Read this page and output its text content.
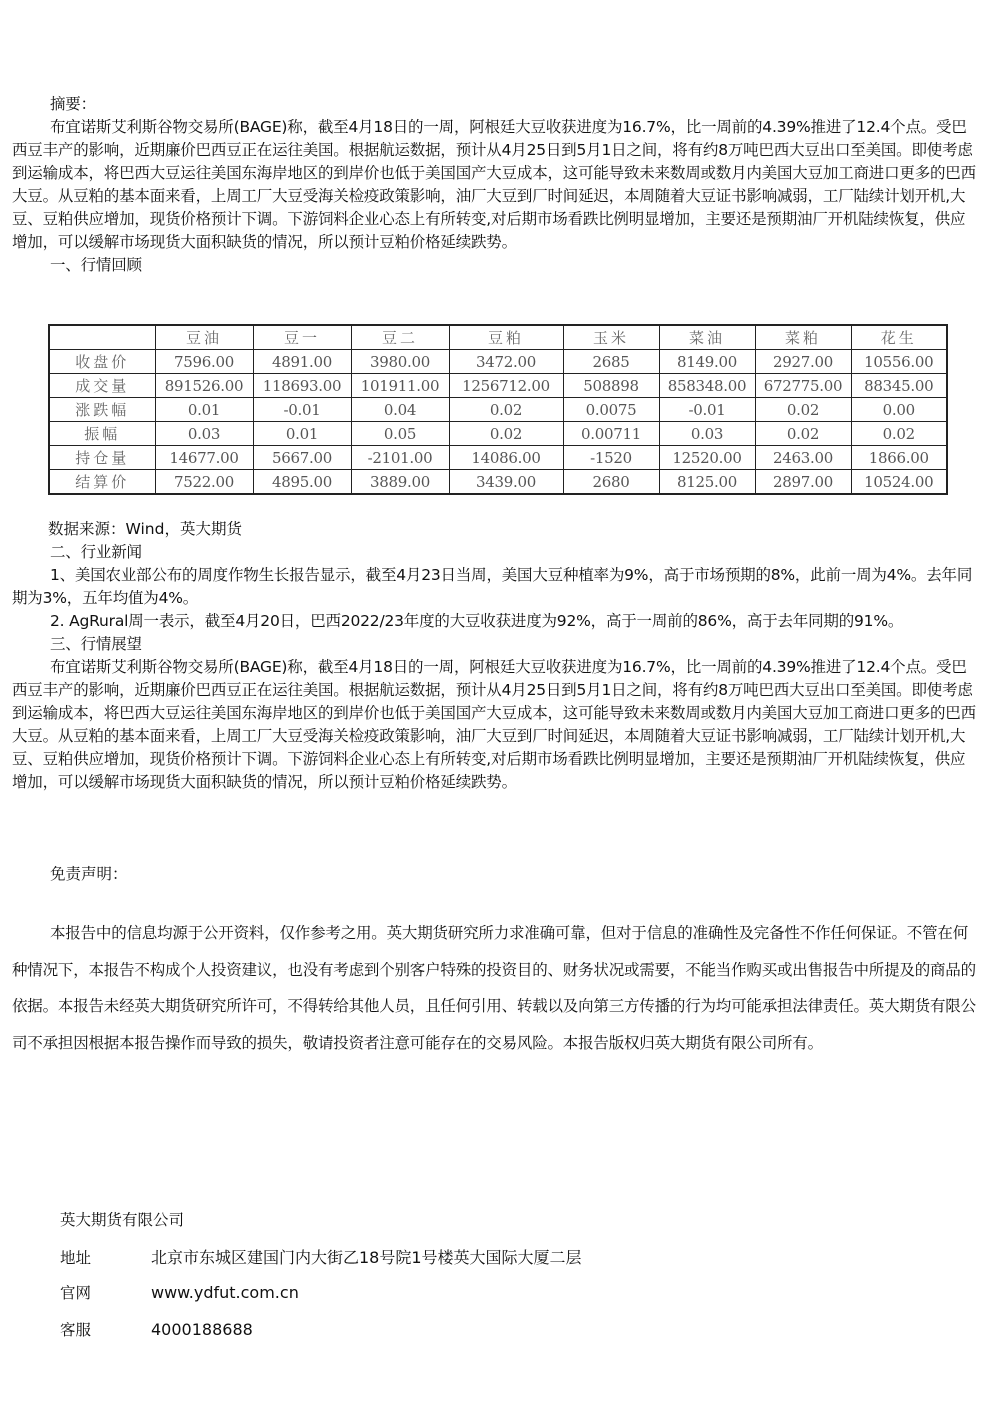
摘要：

布宜诺斯艾利斯谷物交易所(BAGE)称，截至4月18日的一周，阿根廷大豆收获进度为16.7%，比一周前的4.39%推进了12.4个点。受巴西豆丰产的影响，近期廉价巴西豆正在运往美国。根据航运数据，预计从4月25日到5月1日之间，将有约8万吨巴西大豆出口至美国。即使考虑到运输成本，将巴西大豆运往美国东海岸地区的到岸价也低于美国国产大豆成本，这可能导致未来数周或数月内美国大豆加工商进口更多的巴西大豆。从豆粕的基本面来看，上周工厂大豆受海关检疫政策影响，油厂大豆到厂时间延迟，本周随着大豆证书影响减弱，工厂陆续计划开机,大豆、豆粕供应增加，现货价格预计下调。下游饲料企业心态上有所转变,对后期市场看跌比例明显增加，主要还是预期油厂开机陆续恢复，供应增加，可以缓解市场现货大面积缺货的情况，所以预计豆粕价格延续跌势。

一、行情回顾

	豆油	豆一	豆二	豆粕	玉米	菜油	菜粕	花生
收盘价	7596.00	4891.00	3980.00	3472.00	2685	8149.00	2927.00	10556.00
成交量	891526.00	118693.00	101911.00	1256712.00	508898	858348.00	672775.00	88345.00
涨跌幅	0.01	-0.01	0.04	0.02	0.0075	-0.01	0.02	0.00
振幅	0.03	0.01	0.05	0.02	0.00711	0.03	0.02	0.02
持仓量	14677.00	5667.00	-2101.00	14086.00	-1520	12520.00	2463.00	1866.00
结算价	7522.00	4895.00	3889.00	3439.00	2680	8125.00	2897.00	10524.00
数据来源：Wind，英大期货

二、行业新闻

1、美国农业部公布的周度作物生长报告显示，截至4月23日当周，美国大豆种植率为9%，高于市场预期的8%，此前一周为4%。去年同期为3%，五年均值为4%。

2. AgRural周一表示，截至4月20日，巴西2022/23年度的大豆收获进度为92%，高于一周前的86%，高于去年同期的91%。

三、行情展望

布宜诺斯艾利斯谷物交易所(BAGE)称，截至4月18日的一周，阿根廷大豆收获进度为16.7%，比一周前的4.39%推进了12.4个点。受巴西豆丰产的影响，近期廉价巴西豆正在运往美国。根据航运数据，预计从4月25日到5月1日之间，将有约8万吨巴西大豆出口至美国。即使考虑到运输成本，将巴西大豆运往美国东海岸地区的到岸价也低于美国国产大豆成本，这可能导致未来数周或数月内美国大豆加工商进口更多的巴西大豆。从豆粕的基本面来看，上周工厂大豆受海关检疫政策影响，油厂大豆到厂时间延迟，本周随着大豆证书影响减弱，工厂陆续计划开机,大豆、豆粕供应增加，现货价格预计下调。下游饲料企业心态上有所转变,对后期市场看跌比例明显增加，主要还是预期油厂开机陆续恢复，供应增加，可以缓解市场现货大面积缺货的情况，所以预计豆粕价格延续跌势。

免责声明：
本报告中的信息均源于公开资料，仅作参考之用。英大期货研究所力求准确可靠，但对于信息的准确性及完备性不作任何保证。不管在何种情况下，本报告不构成个人投资建议，也没有考虑到个别客户特殊的投资目的、财务状况或需要，不能当作购买或出售报告中所提及的商品的依据。本报告未经英大期货研究所许可，不得转给其他人员，且任何引用、转载以及向第三方传播的行为均可能承担法律责任。英大期货有限公司不承担因根据本报告操作而导致的损失，敬请投资者注意可能存在的交易风险。本报告版权归英大期货有限公司所有。
英大期货有限公司
地址	北京市东城区建国门内大街乙18号院1号楼英大国际大厦二层
官网	www.ydfut.com.cn
客服	4000188688
